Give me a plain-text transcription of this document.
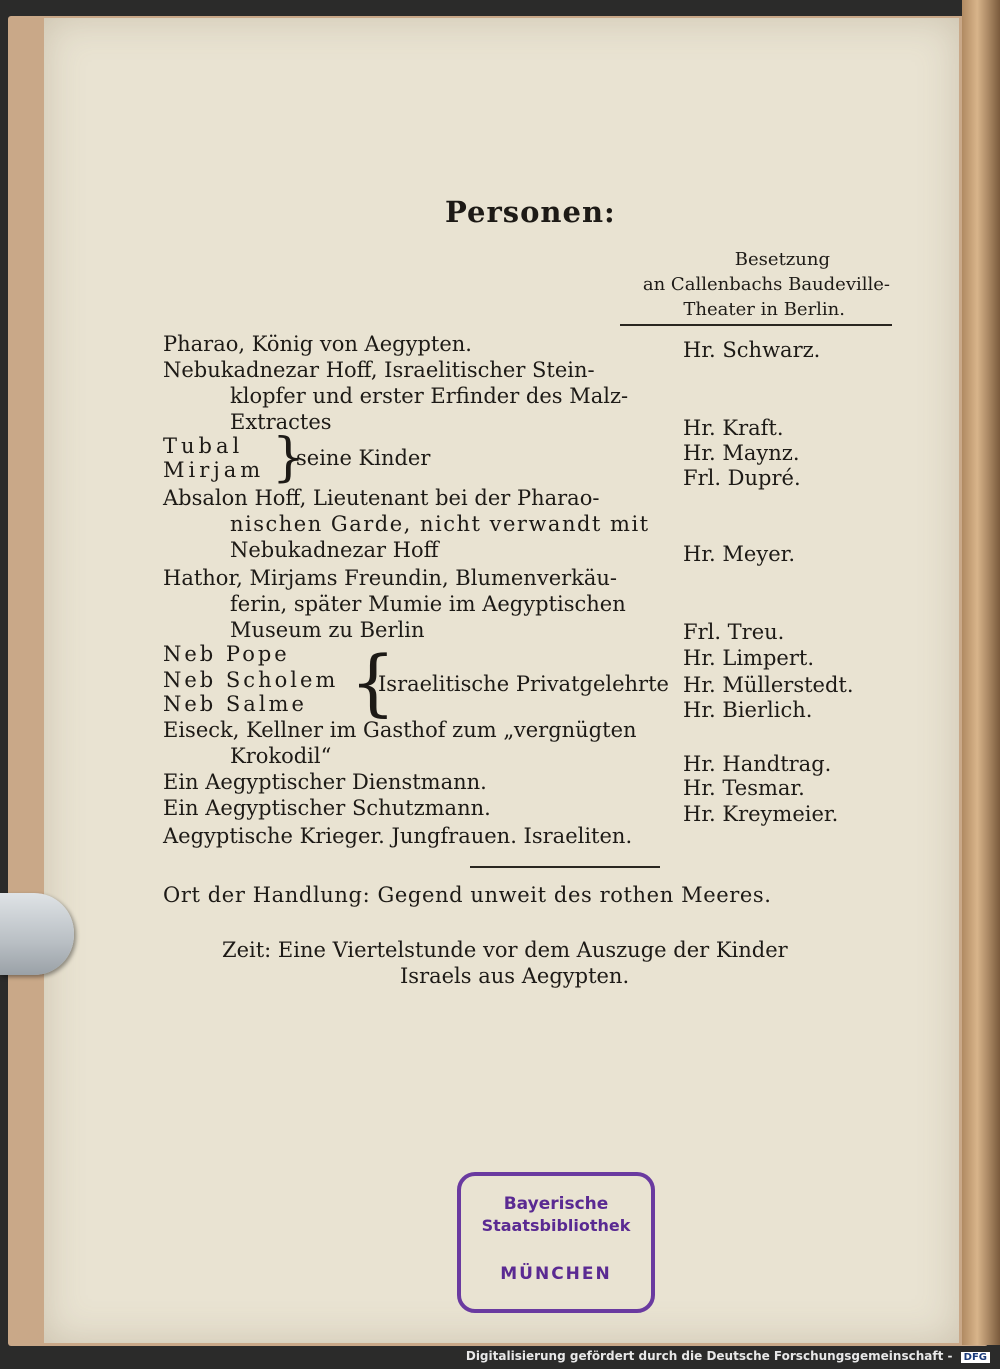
Personen:
Besetzung
an Callenbachs Baudeville-
Theater in Berlin.
Pharao, König von Aegypten.	Hr. Schwarz.
Nebukadnezar Hoff, Israelitischer Stein-
klopfer und erster Erfinder des Malz-
Extractes	Hr. Kraft.
Tubal	Hr. Maynz.
Mirjam	Frl. Dupré.
}
seine Kinder
Absalon Hoff, Lieutenant bei der Pharao-
nischen Garde, nicht verwandt mit
Nebukadnezar Hoff	Hr. Meyer.
Hathor, Mirjams Freundin, Blumenverkäu-
ferin, später Mumie im Aegyptischen
Museum zu Berlin	Frl. Treu.
Neb Pope	Hr. Limpert.
Neb Scholem	Hr. Müllerstedt.
Neb Salme	Hr. Bierlich.
{
Israelitische Privatgelehrte
Eiseck, Kellner im Gasthof zum „vergnügten
Krokodil“	Hr. Handtrag.
Ein Aegyptischer Dienstmann.	Hr. Tesmar.
Ein Aegyptischer Schutzmann.	Hr. Kreymeier.
Aegyptische Krieger. Jungfrauen. Israeliten.
Ort der Handlung: Gegend unweit des rothen Meeres.
Zeit: Eine Viertelstunde vor dem Auszuge der Kinder
Israels aus Aegypten.
Bayerische
Staatsbibliothek
MÜNCHEN
Digitalisierung gefördert durch die Deutsche Forschungsgemeinschaft - DFG
